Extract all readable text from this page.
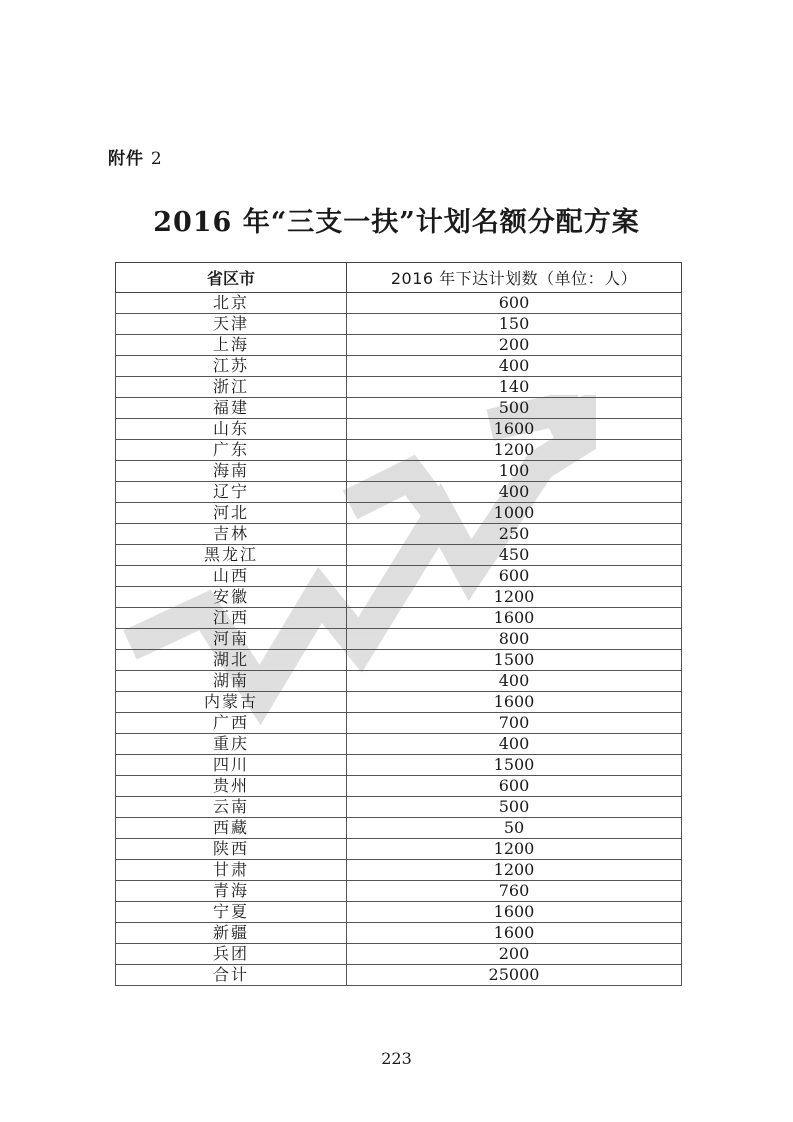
附件 2
2016 年“三支一扶”计划名额分配方案
省区市	2016 年下达计划数（单位：人）
北京	600
天津	150
上海	200
江苏	400
浙江	140
福建	500
山东	1600
广东	1200
海南	100
辽宁	400
河北	1000
吉林	250
黑龙江	450
山西	600
安徽	1200
江西	1600
河南	800
湖北	1500
湖南	400
内蒙古	1600
广西	700
重庆	400
四川	1500
贵州	600
云南	500
西藏	50
陕西	1200
甘肃	1200
青海	760
宁夏	1600
新疆	1600
兵团	200
合计	25000
223
